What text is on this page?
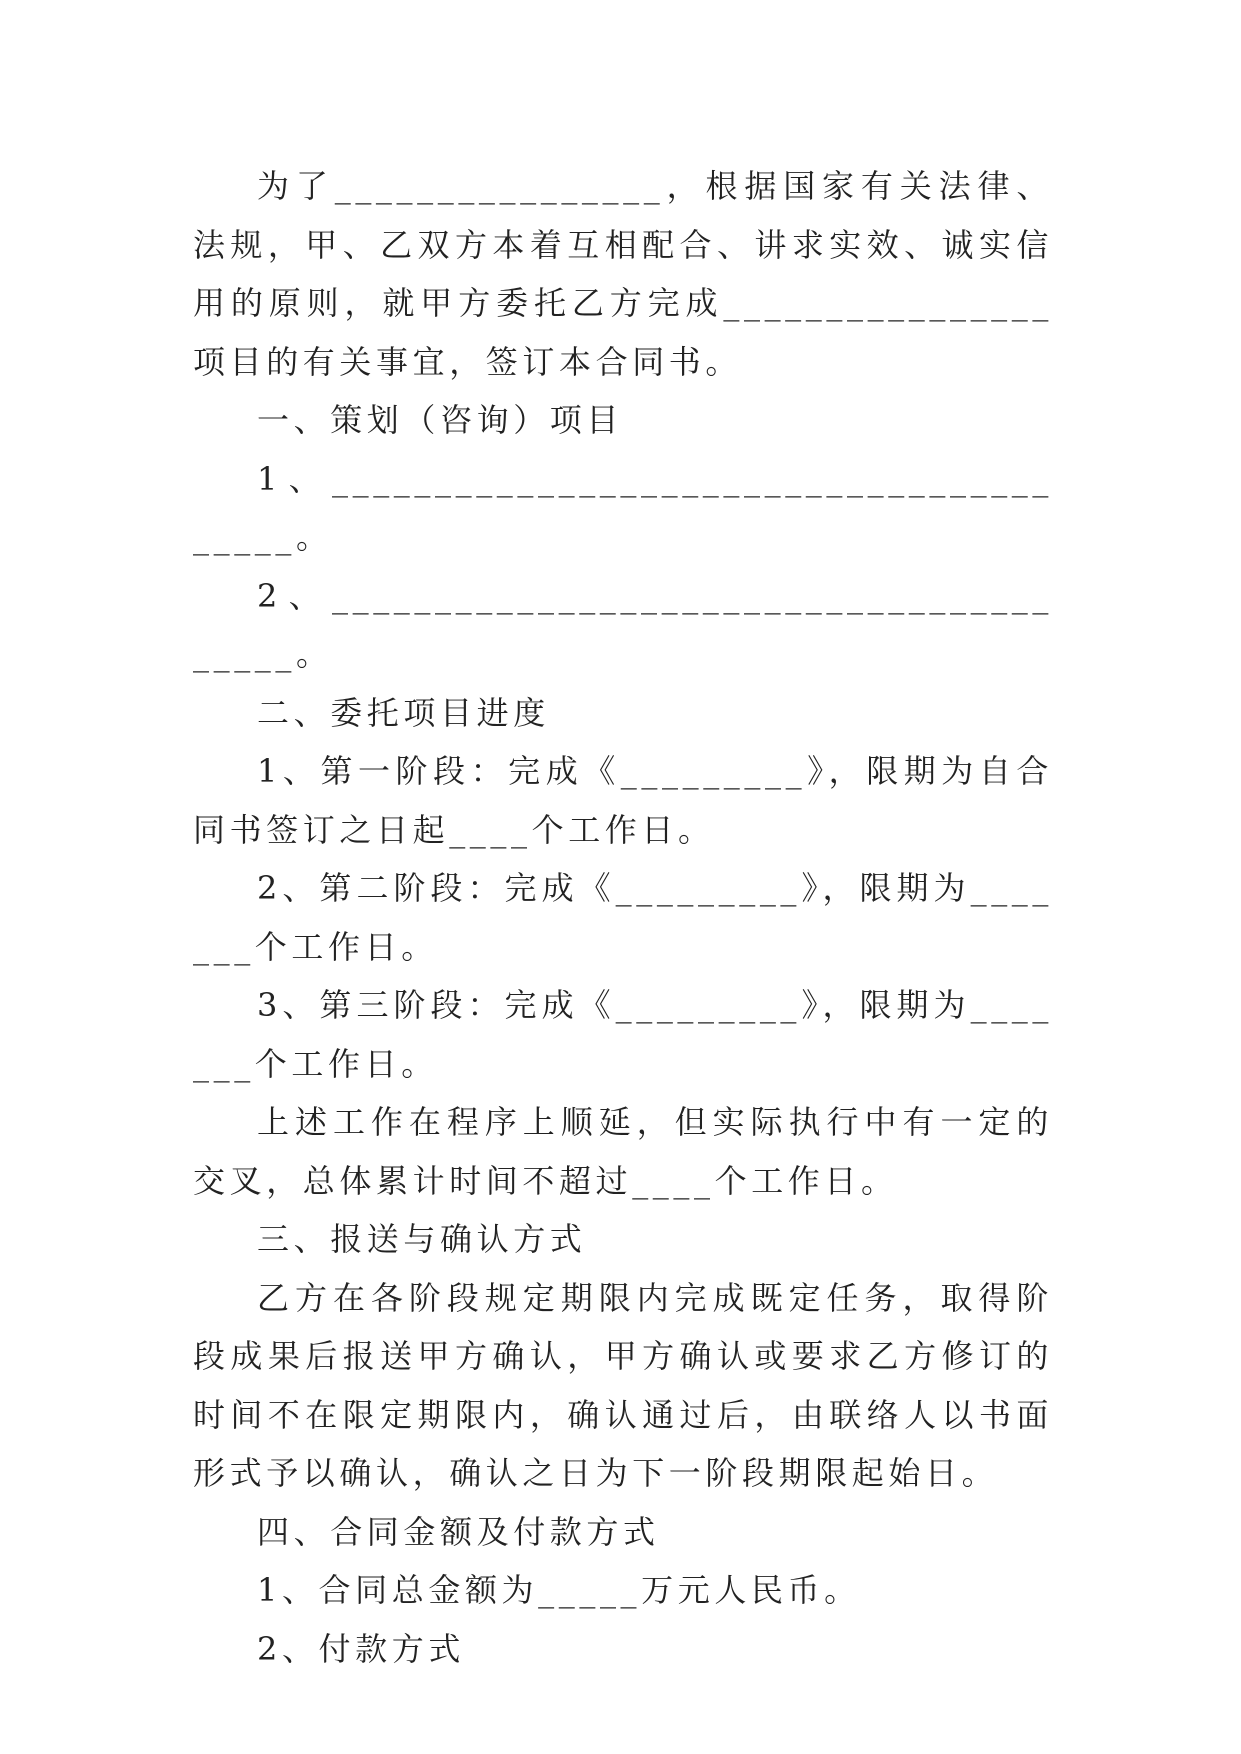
为了________________，根据国家有关法律、法规，甲、乙双方本着互相配合、讲求实效、诚实信用的原则，就甲方委托乙方完成________________项目的有关事宜，签订本合同书。

一、策划（咨询）项目

1、________________________________________。

2、________________________________________。

二、委托项目进度

1、第一阶段：完成《_________》，限期为自合同书签订之日起____个工作日。

2、第二阶段：完成《_________》，限期为_______个工作日。

3、第三阶段：完成《_________》，限期为_______个工作日。

上述工作在程序上顺延，但实际执行中有一定的交叉，总体累计时间不超过____个工作日。

三、报送与确认方式

乙方在各阶段规定期限内完成既定任务，取得阶段成果后报送甲方确认，甲方确认或要求乙方修订的时间不在限定期限内，确认通过后，由联络人以书面形式予以确认，确认之日为下一阶段期限起始日。

四、合同金额及付款方式

1、合同总金额为_____万元人民币。

2、付款方式
